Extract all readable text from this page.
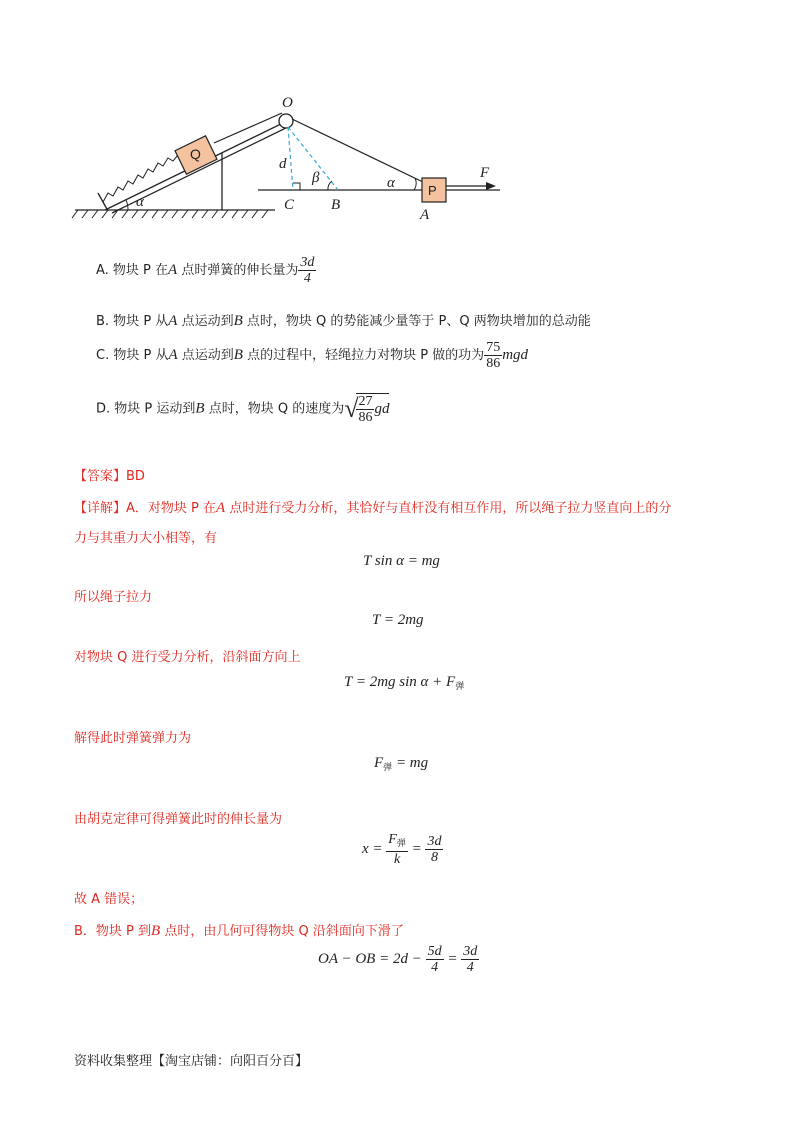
Q
O
P
F
d
β	α
α	C B
A
A. 物块 P 在A 点时弹簧的伸长量为 $\frac{3d}{4}$
B. 物块 P 从A 点运动到B 点时，物块 Q 的势能减少量等于 P、Q 两物块增加的总动能
C. 物块 P 从A 点运动到B 点的过程中，轻绳拉力对物块 P 做的功为 $\frac{75}{86}$ mgd
D. 物块 P 运动到B 点时，物块 Q 的速度为√
$\frac{27}{86}$ gd
【答案】BD
【详解】A．对物块 P 在A 点时进行受力分析，其恰好与直杆没有相互作用，所以绳子拉力竖直向上的分
力与其重力大小相等，有
T sin α = mg
所以绳子拉力
T = 2mg
对物块 Q 进行受力分析，沿斜面方向上
T = 2mg $\sin \alpha + F_弹$
解得此时弹簧弹力为
$F_弹$ = mg
由胡克定律可得弹簧此时的伸长量为
$x = \frac{F_弹}{k} = \frac{3d}{8}$
故 A 错误；
B．物块 P 到B 点时，由几何可得物块 Q 沿斜面向下滑了
OA − OB = $2d - \frac{5d}{4} = \frac{3d}{4}$
资料收集整理【淘宝店铺：向阳百分百】
